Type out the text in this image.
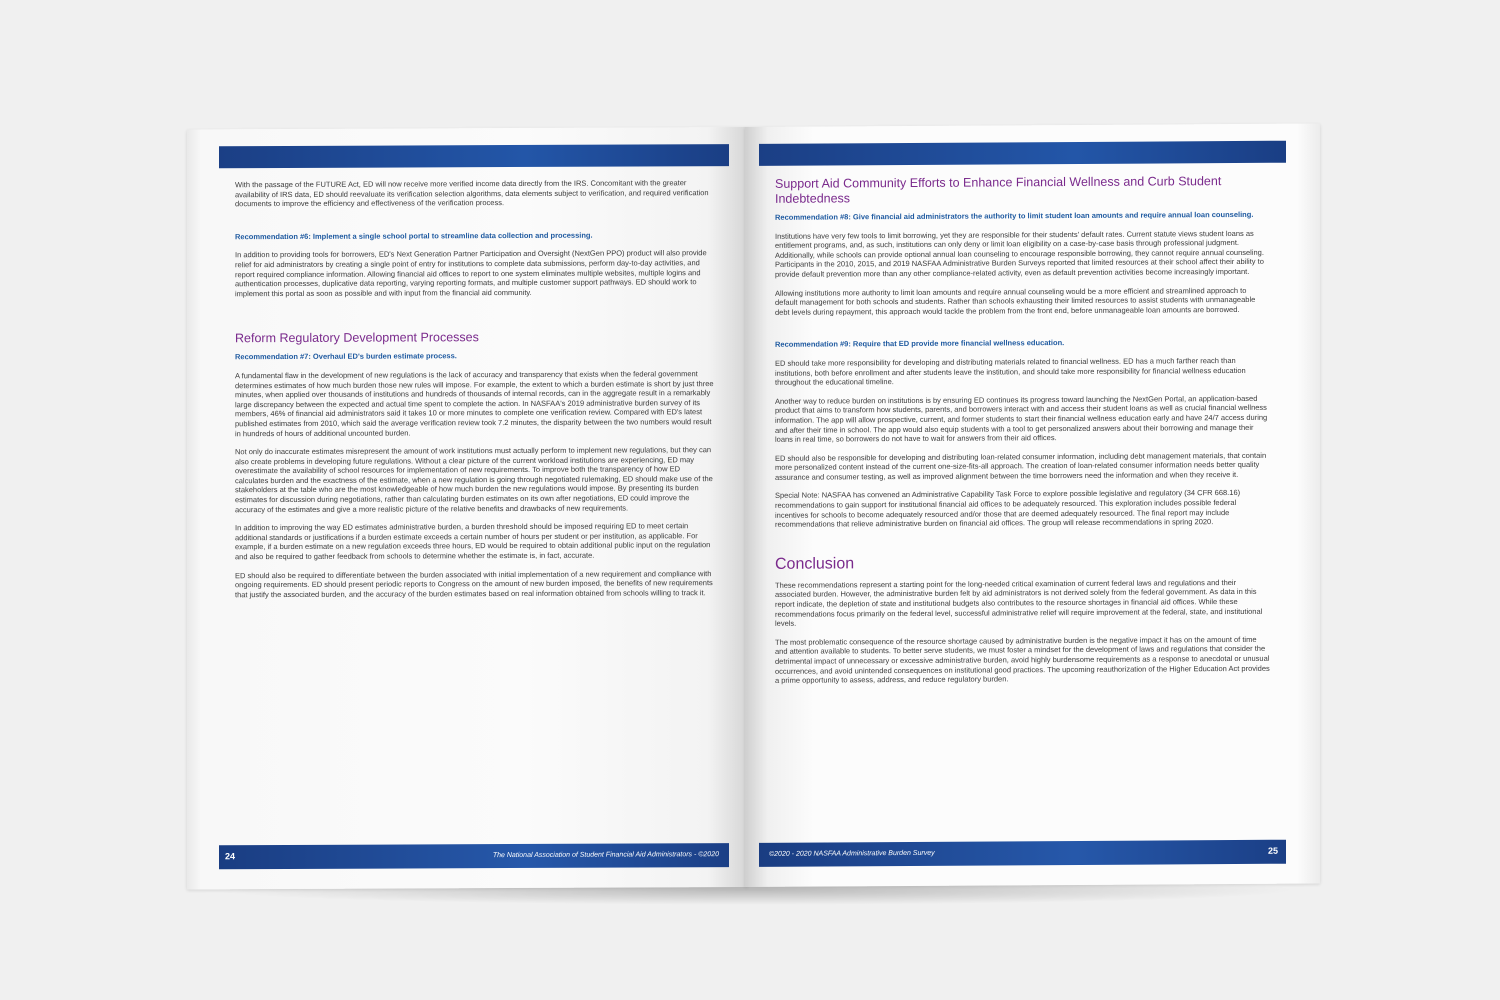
With the passage of the FUTURE Act, ED will now receive more verified income data directly from the IRS. Concomitant with the greater availability of IRS data, ED should reevaluate its verification selection algorithms, data elements subject to verification, and required verification documents to improve the efficiency and effectiveness of the verification process.

Recommendation #6: Implement a single school portal to streamline data collection and processing.

In addition to providing tools for borrowers, ED's Next Generation Partner Participation and Oversight (NextGen PPO) product will also provide relief for aid administrators by creating a single point of entry for institutions to complete data submissions, perform day-to-day activities, and report required compliance information. Allowing financial aid offices to report to one system eliminates multiple websites, multiple logins and authentication processes, duplicative data reporting, varying reporting formats, and multiple customer support pathways. ED should work to implement this portal as soon as possible and with input from the financial aid community.

Reform Regulatory Development Processes

Recommendation #7: Overhaul ED's burden estimate process.

A fundamental flaw in the development of new regulations is the lack of accuracy and transparency that exists when the federal government determines estimates of how much burden those new rules will impose. For example, the extent to which a burden estimate is short by just three minutes, when applied over thousands of institutions and hundreds of thousands of internal records, can in the aggregate result in a remarkably large discrepancy between the expected and actual time spent to complete the action. In NASFAA's 2019 administrative burden survey of its members, 46% of financial aid administrators said it takes 10 or more minutes to complete one verification review. Compared with ED's latest published estimates from 2010, which said the average verification review took 7.2 minutes, the disparity between the two numbers would result in hundreds of hours of additional uncounted burden.

Not only do inaccurate estimates misrepresent the amount of work institutions must actually perform to implement new regulations, but they can also create problems in developing future regulations. Without a clear picture of the current workload institutions are experiencing, ED may overestimate the availability of school resources for implementation of new requirements. To improve both the transparency of how ED calculates burden and the exactness of the estimate, when a new regulation is going through negotiated rulemaking, ED should make use of the stakeholders at the table who are the most knowledgeable of how much burden the new regulations would impose. By presenting its burden estimates for discussion during negotiations, rather than calculating burden estimates on its own after negotiations, ED could improve the accuracy of the estimates and give a more realistic picture of the relative benefits and drawbacks of new requirements.

In addition to improving the way ED estimates administrative burden, a burden threshold should be imposed requiring ED to meet certain additional standards or justifications if a burden estimate exceeds a certain number of hours per student or per institution, as applicable. For example, if a burden estimate on a new regulation exceeds three hours, ED would be required to obtain additional public input on the regulation and also be required to gather feedback from schools to determine whether the estimate is, in fact, accurate.

ED should also be required to differentiate between the burden associated with initial implementation of a new requirement and compliance with ongoing requirements. ED should present periodic reports to Congress on the amount of new burden imposed, the benefits of new requirements that justify the associated burden, and the accuracy of the burden estimates based on real information obtained from schools willing to track it.

24	The National Association of Student Financial Aid Administrators - ©2020
Support Aid Community Efforts to Enhance Financial Wellness and Curb Student Indebtedness

Recommendation #8: Give financial aid administrators the authority to limit student loan amounts and require annual loan counseling.

Institutions have very few tools to limit borrowing, yet they are responsible for their students' default rates. Current statute views student loans as entitlement programs, and, as such, institutions can only deny or limit loan eligibility on a case-by-case basis through professional judgment. Additionally, while schools can provide optional annual loan counseling to encourage responsible borrowing, they cannot require annual counseling. Participants in the 2010, 2015, and 2019 NASFAA Administrative Burden Surveys reported that limited resources at their school affect their ability to provide default prevention more than any other compliance-related activity, even as default prevention activities become increasingly important.

Allowing institutions more authority to limit loan amounts and require annual counseling would be a more efficient and streamlined approach to default management for both schools and students. Rather than schools exhausting their limited resources to assist students with unmanageable debt levels during repayment, this approach would tackle the problem from the front end, before unmanageable loan amounts are borrowed.

Recommendation #9: Require that ED provide more financial wellness education.

ED should take more responsibility for developing and distributing materials related to financial wellness. ED has a much farther reach than institutions, both before enrollment and after students leave the institution, and should take more responsibility for financial wellness education throughout the educational timeline.

Another way to reduce burden on institutions is by ensuring ED continues its progress toward launching the NextGen Portal, an application-based product that aims to transform how students, parents, and borrowers interact with and access their student loans as well as crucial financial wellness information. The app will allow prospective, current, and former students to start their financial wellness education early and have 24/7 access during and after their time in school. The app would also equip students with a tool to get personalized answers about their borrowing and manage their loans in real time, so borrowers do not have to wait for answers from their aid offices.

ED should also be responsible for developing and distributing loan-related consumer information, including debt management materials, that contain more personalized content instead of the current one-size-fits-all approach. The creation of loan-related consumer information needs better quality assurance and consumer testing, as well as improved alignment between the time borrowers need the information and when they receive it.

Special Note: NASFAA has convened an Administrative Capability Task Force to explore possible legislative and regulatory (34 CFR 668.16) recommendations to gain support for institutional financial aid offices to be adequately resourced. This exploration includes possible federal incentives for schools to become adequately resourced and/or those that are deemed adequately resourced. The final report may include recommendations that relieve administrative burden on financial aid offices. The group will release recommendations in spring 2020.

Conclusion

These recommendations represent a starting point for the long-needed critical examination of current federal laws and regulations and their associated burden. However, the administrative burden felt by aid administrators is not derived solely from the federal government. As data in this report indicate, the depletion of state and institutional budgets also contributes to the resource shortages in financial aid offices. While these recommendations focus primarily on the federal level, successful administrative relief will require improvement at the federal, state, and institutional levels.

The most problematic consequence of the resource shortage caused by administrative burden is the negative impact it has on the amount of time and attention available to students. To better serve students, we must foster a mindset for the development of laws and regulations that consider the detrimental impact of unnecessary or excessive administrative burden, avoid highly burdensome requirements as a response to anecdotal or unusual occurrences, and avoid unintended consequences on institutional good practices. The upcoming reauthorization of the Higher Education Act provides a prime opportunity to assess, address, and reduce regulatory burden.

©2020 - 2020 NASFAA Administrative Burden Survey	25
